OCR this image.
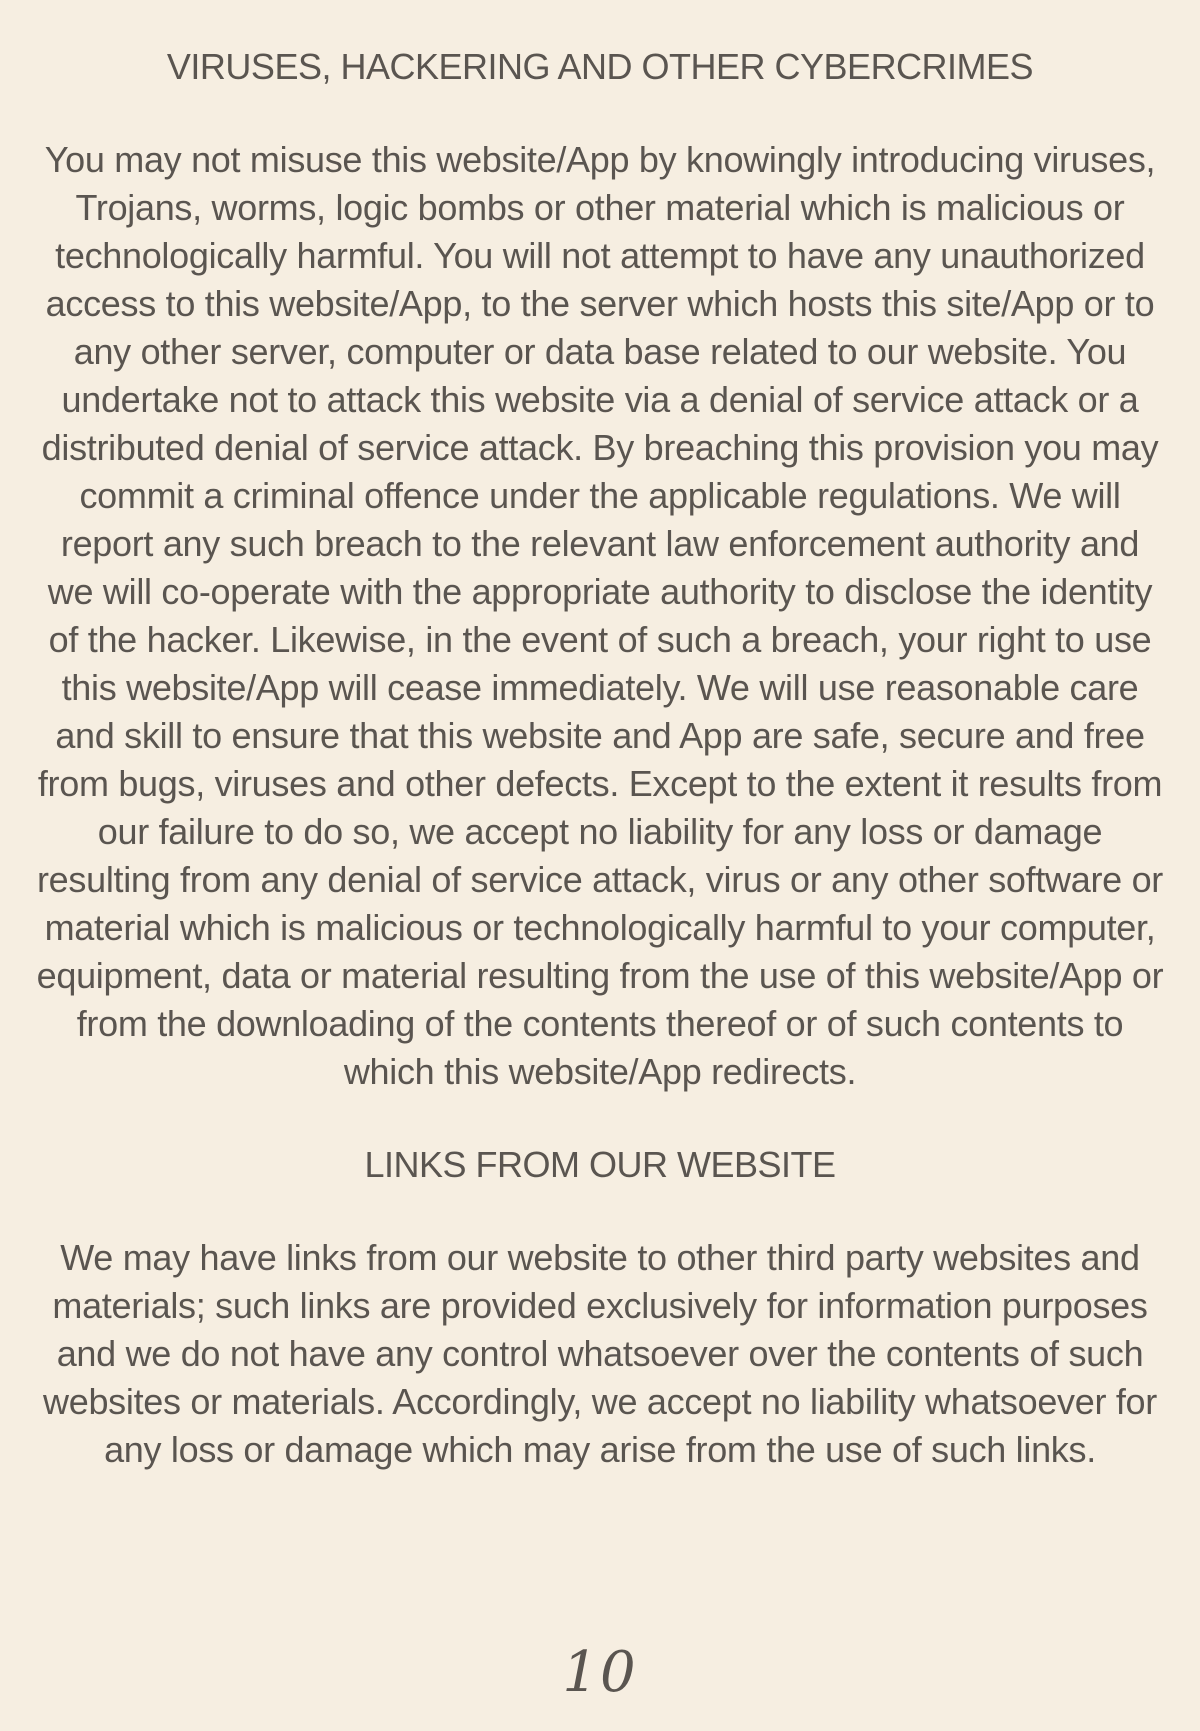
VIRUSES, HACKERING AND OTHER CYBERCRIMES

You may not misuse this website/App by knowingly introducing viruses, Trojans, worms, logic bombs or other material which is malicious or technologically harmful. You will not attempt to have any unauthorized access to this website/App, to the server which hosts this site/App or to any other server, computer or data base related to our website. You undertake not to attack this website via a denial of service attack or a distributed denial of service attack. By breaching this provision you may commit a criminal offence under the applicable regulations. We will report any such breach to the relevant law enforcement authority and we will co-operate with the appropriate authority to disclose the identity of the hacker. Likewise, in the event of such a breach, your right to use this website/App will cease immediately. We will use reasonable care and skill to ensure that this website and App are safe, secure and free from bugs, viruses and other defects. Except to the extent it results from our failure to do so, we accept no liability for any loss or damage resulting from any denial of service attack, virus or any other software or material which is malicious or technologically harmful to your computer, equipment, data or material resulting from the use of this website/App or from the downloading of the contents thereof or of such contents to which this website/App redirects.

LINKS FROM OUR WEBSITE

We may have links from our website to other third party websites and materials; such links are provided exclusively for information purposes and we do not have any control whatsoever over the contents of such websites or materials. Accordingly, we accept no liability whatsoever for any loss or damage which may arise from the use of such links.

10
